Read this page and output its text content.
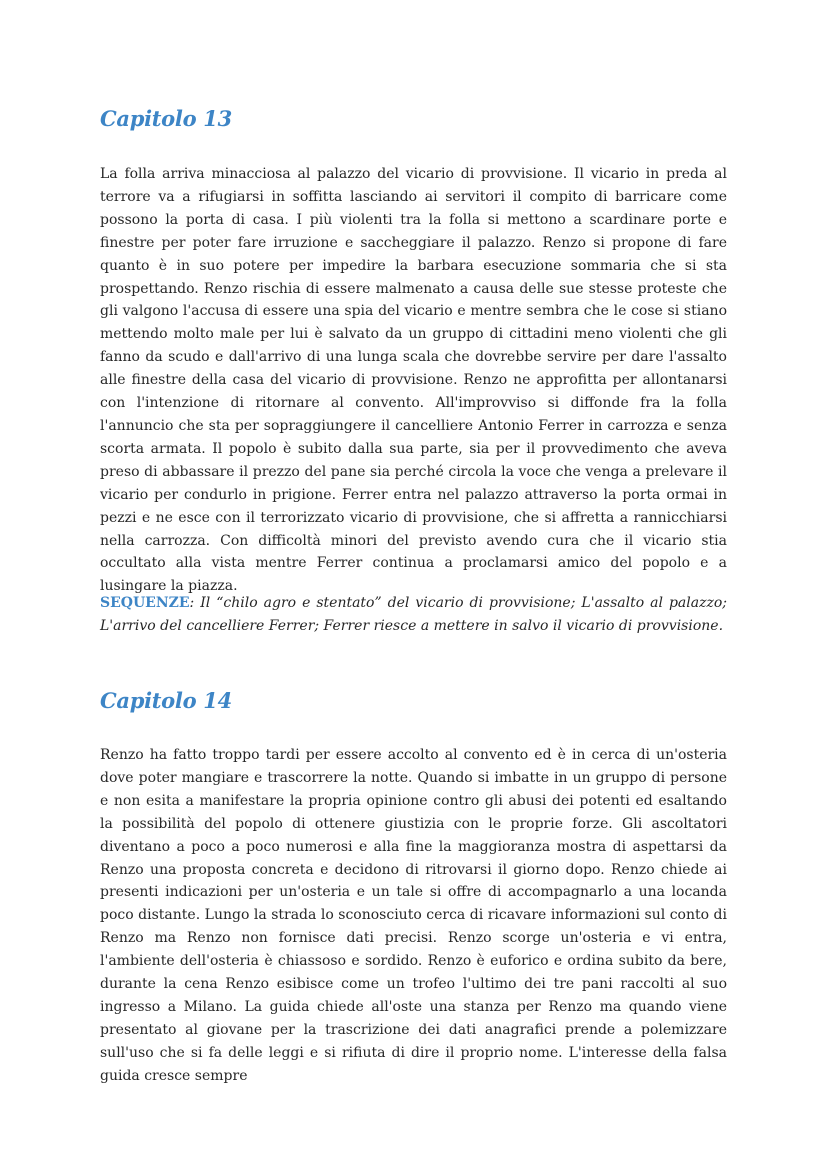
Capitolo 13

La folla arriva minacciosa al palazzo del vicario di provvisione. Il vicario in preda al terrore va a rifugiarsi in soffitta lasciando ai servitori il compito di barricare come possono la porta di casa. I più violenti tra la folla si mettono a scardinare porte e finestre per poter fare irruzione e saccheggiare il palazzo. Renzo si propone di fare quanto è in suo potere per impedire la barbara esecuzione sommaria che si sta prospettando. Renzo rischia di essere malmenato a causa delle sue stesse proteste che gli valgono l'accusa di essere una spia del vicario e mentre sembra che le cose si stiano mettendo molto male per lui è salvato da un gruppo di cittadini meno violenti che gli fanno da scudo e dall'arrivo di una lunga scala che dovrebbe servire per dare l'assalto alle finestre della casa del vicario di provvisione. Renzo ne approfitta per allontanarsi con l'intenzione di ritornare al convento. All'improvviso si diffonde fra la folla l'annuncio che sta per sopraggiungere il cancelliere Antonio Ferrer in carrozza e senza scorta armata. Il popolo è subito dalla sua parte, sia per il provvedimento che aveva preso di abbassare il prezzo del pane sia perché circola la voce che venga a prelevare il vicario per condurlo in prigione. Ferrer entra nel palazzo attraverso la porta ormai in pezzi e ne esce con il terrorizzato vicario di provvisione, che si affretta a rannicchiarsi nella carrozza. Con difficoltà minori del previsto avendo cura che il vicario stia occultato alla vista mentre Ferrer continua a proclamarsi amico del popolo e a lusingare la piazza.

SEQUENZE: Il “chilo agro e stentato” del vicario di provvisione; L'assalto al palazzo; L'arrivo del cancelliere Ferrer; Ferrer riesce a mettere in salvo il vicario di provvisione.

Capitolo 14

Renzo ha fatto troppo tardi per essere accolto al convento ed è in cerca di un'osteria dove poter mangiare e trascorrere la notte. Quando si imbatte in un gruppo di persone e non esita a manifestare la propria opinione contro gli abusi dei potenti ed esaltando la possibilità del popolo di ottenere giustizia con le proprie forze. Gli ascoltatori diventano a poco a poco numerosi e alla fine la maggioranza mostra di aspettarsi da Renzo una proposta concreta e decidono di ritrovarsi il giorno dopo. Renzo chiede ai presenti indicazioni per un'osteria e un tale si offre di accompagnarlo a una locanda poco distante. Lungo la strada lo sconosciuto cerca di ricavare informazioni sul conto di Renzo ma Renzo non fornisce dati precisi. Renzo scorge un'osteria e vi entra, l'ambiente dell'osteria è chiassoso e sordido. Renzo è euforico e ordina subito da bere, durante la cena Renzo esibisce come un trofeo l'ultimo dei tre pani raccolti al suo ingresso a Milano. La guida chiede all'oste una stanza per Renzo ma quando viene presentato al giovane per la trascrizione dei dati anagrafici prende a polemizzare sull'uso che si fa delle leggi e si rifiuta di dire il proprio nome. L'interesse della falsa guida cresce sempre
